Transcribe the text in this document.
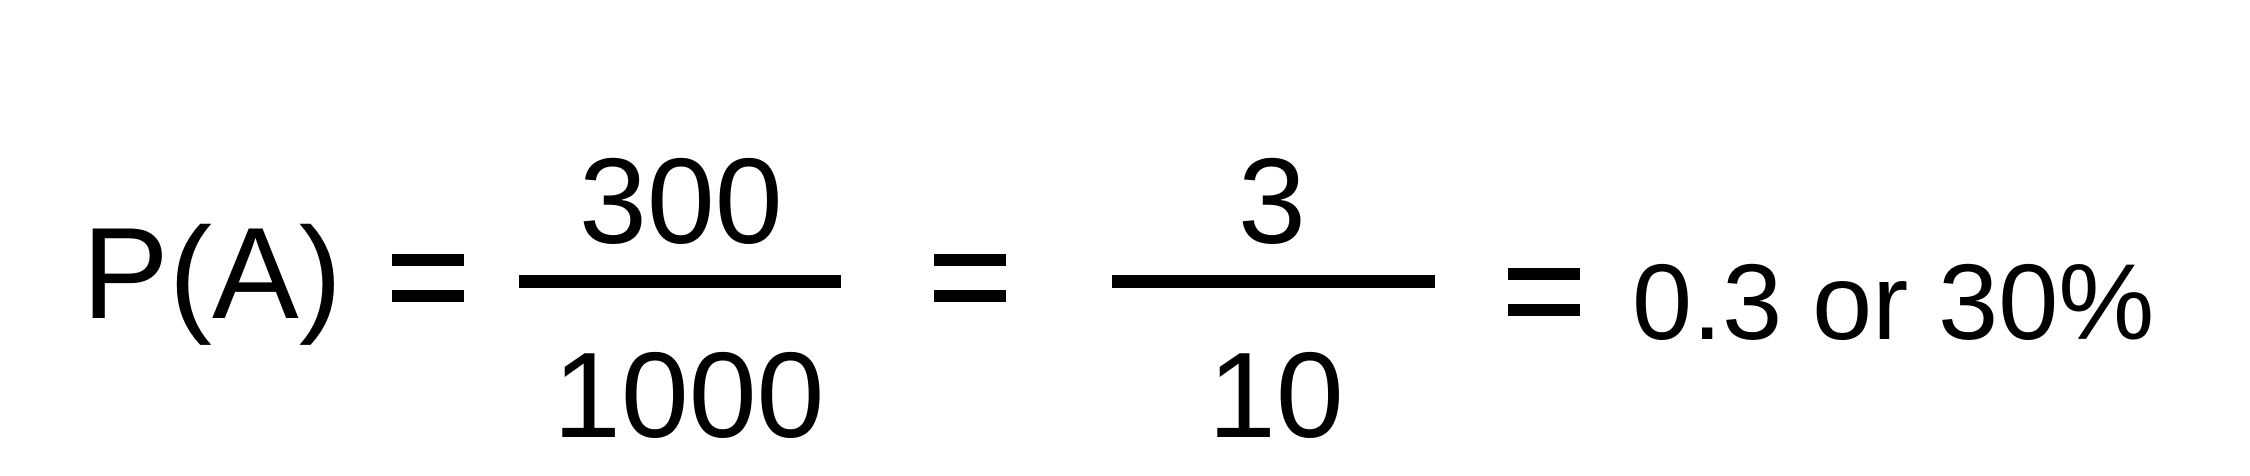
P(A) 300
1000
3
10
0.3 or 30%
